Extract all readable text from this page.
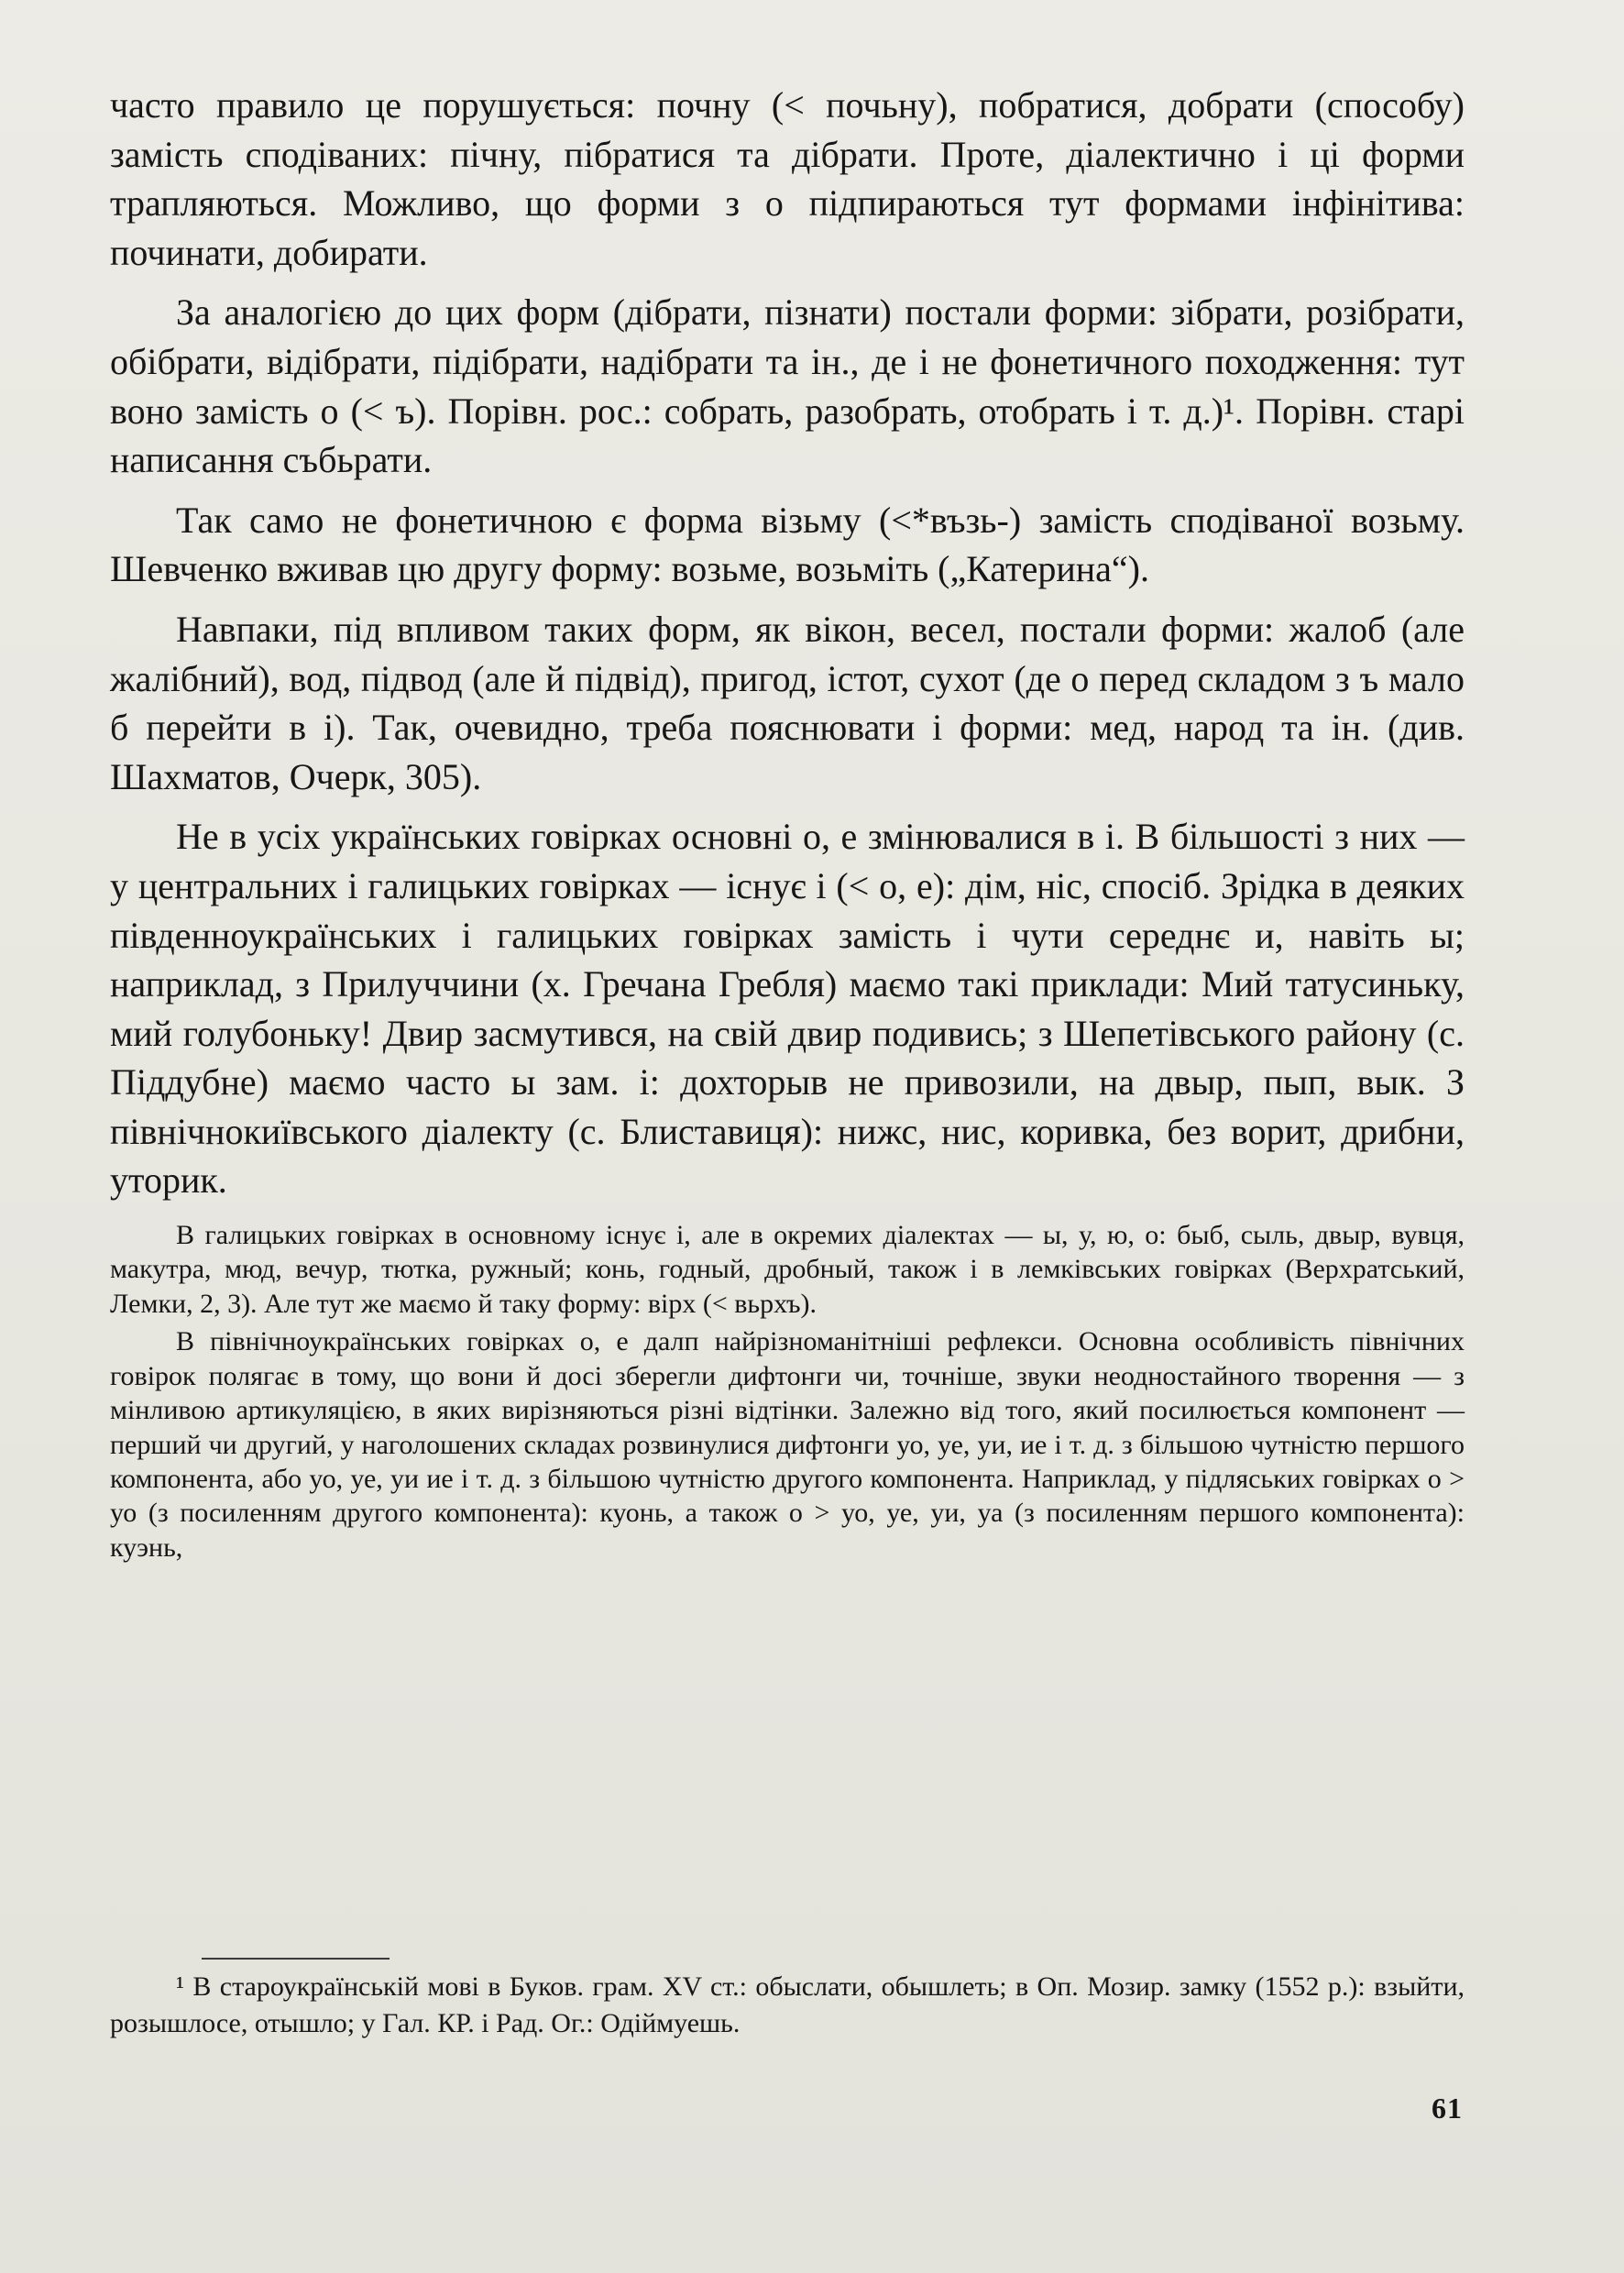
часто правило це порушується: почну (< почьну), побратися, добрати (способу) замість сподіваних: пічну, пібратися та дібрати. Проте, діалектично і ці форми трапляються. Можливо, що форми з о підпираються тут формами інфінітива: починати, добирати.

За аналогією до цих форм (дібрати, пізнати) постали форми: зібрати, розібрати, обібрати, відібрати, підібрати, надібрати та ін., де і не фонетичного походження: тут воно замість о (< ъ). Порівн. рос.: собрать, разобрать, отобрать і т. д.)¹. Порівн. старі написання събьрати.

Так само не фонетичною є форма візьму (<*възь-) замість сподіваної возьму. Шевченко вживав цю другу форму: возьме, возьміть („Катерина“).

Навпаки, під впливом таких форм, як вікон, весел, постали форми: жалоб (але жалібний), вод, підвод (але й підвід), пригод, істот, сухот (де о перед складом з ъ мало б перейти в і). Так, очевидно, треба пояснювати і форми: мед, народ та ін. (див. Шахматов, Очерк, 305).

Не в усіх українських говірках основні о, е змінювалися в і. В більшості з них — у центральних і галицьких говірках — існує і (< о, е): дім, ніс, спосіб. Зрідка в деяких південноукраїнських і галицьких говірках замість і чути середнє и, навіть ы; наприклад, з Прилуччини (х. Гречана Гребля) маємо такі приклади: Мий татусиньку, мий голубоньку! Двир засмутився, на свій двир подивись; з Шепетівського району (с. Піддубне) маємо часто ы зам. і: дохторыв не привозили, на двыр, пып, вык. З північнокиївського діалекту (с. Блиставиця): нижс, нис, коривка, без ворит, дрибни, уторик.

В галицьких говірках в основному існує і, але в окремих діалектах — ы, у, ю, о: быб, сыль, двыр, вувця, макутра, мюд, вечур, тютка, ружный; конь, годный, дробный, також і в лемківських говірках (Верхратський, Лемки, 2, 3). Але тут же маємо й таку форму: вірх (< вьрхъ).

В північноукраїнських говірках о, е далп найрізноманітніші рефлекси. Основна особливість північних говірок полягає в тому, що вони й досі зберегли дифтонги чи, точніше, звуки неодностайного творення — з мінливою артикуляцією, в яких вирізняються різні відтінки. Залежно від того, який посилюється компонент — перший чи другий, у наголошених складах розвинулися дифтонги уо, уе, уи, ие і т. д. з більшою чутністю першого компонента, або уо, уе, уи ие і т. д. з більшою чутністю другого компонента. Наприклад, у підляських говірках о > уо (з посиленням другого компонента): куонь, а також о > уо, уе, уи, уа (з посиленням першого компонента): куэнь,

¹ В староукраїнській мові в Буков. грам. XV ст.: обыслати, обышлеть; в Оп. Мозир. замку (1552 р.): взыйти, розышлосе, отышло; у Гал. КР. і Рад. Ог.: Одіймуешь.

61
